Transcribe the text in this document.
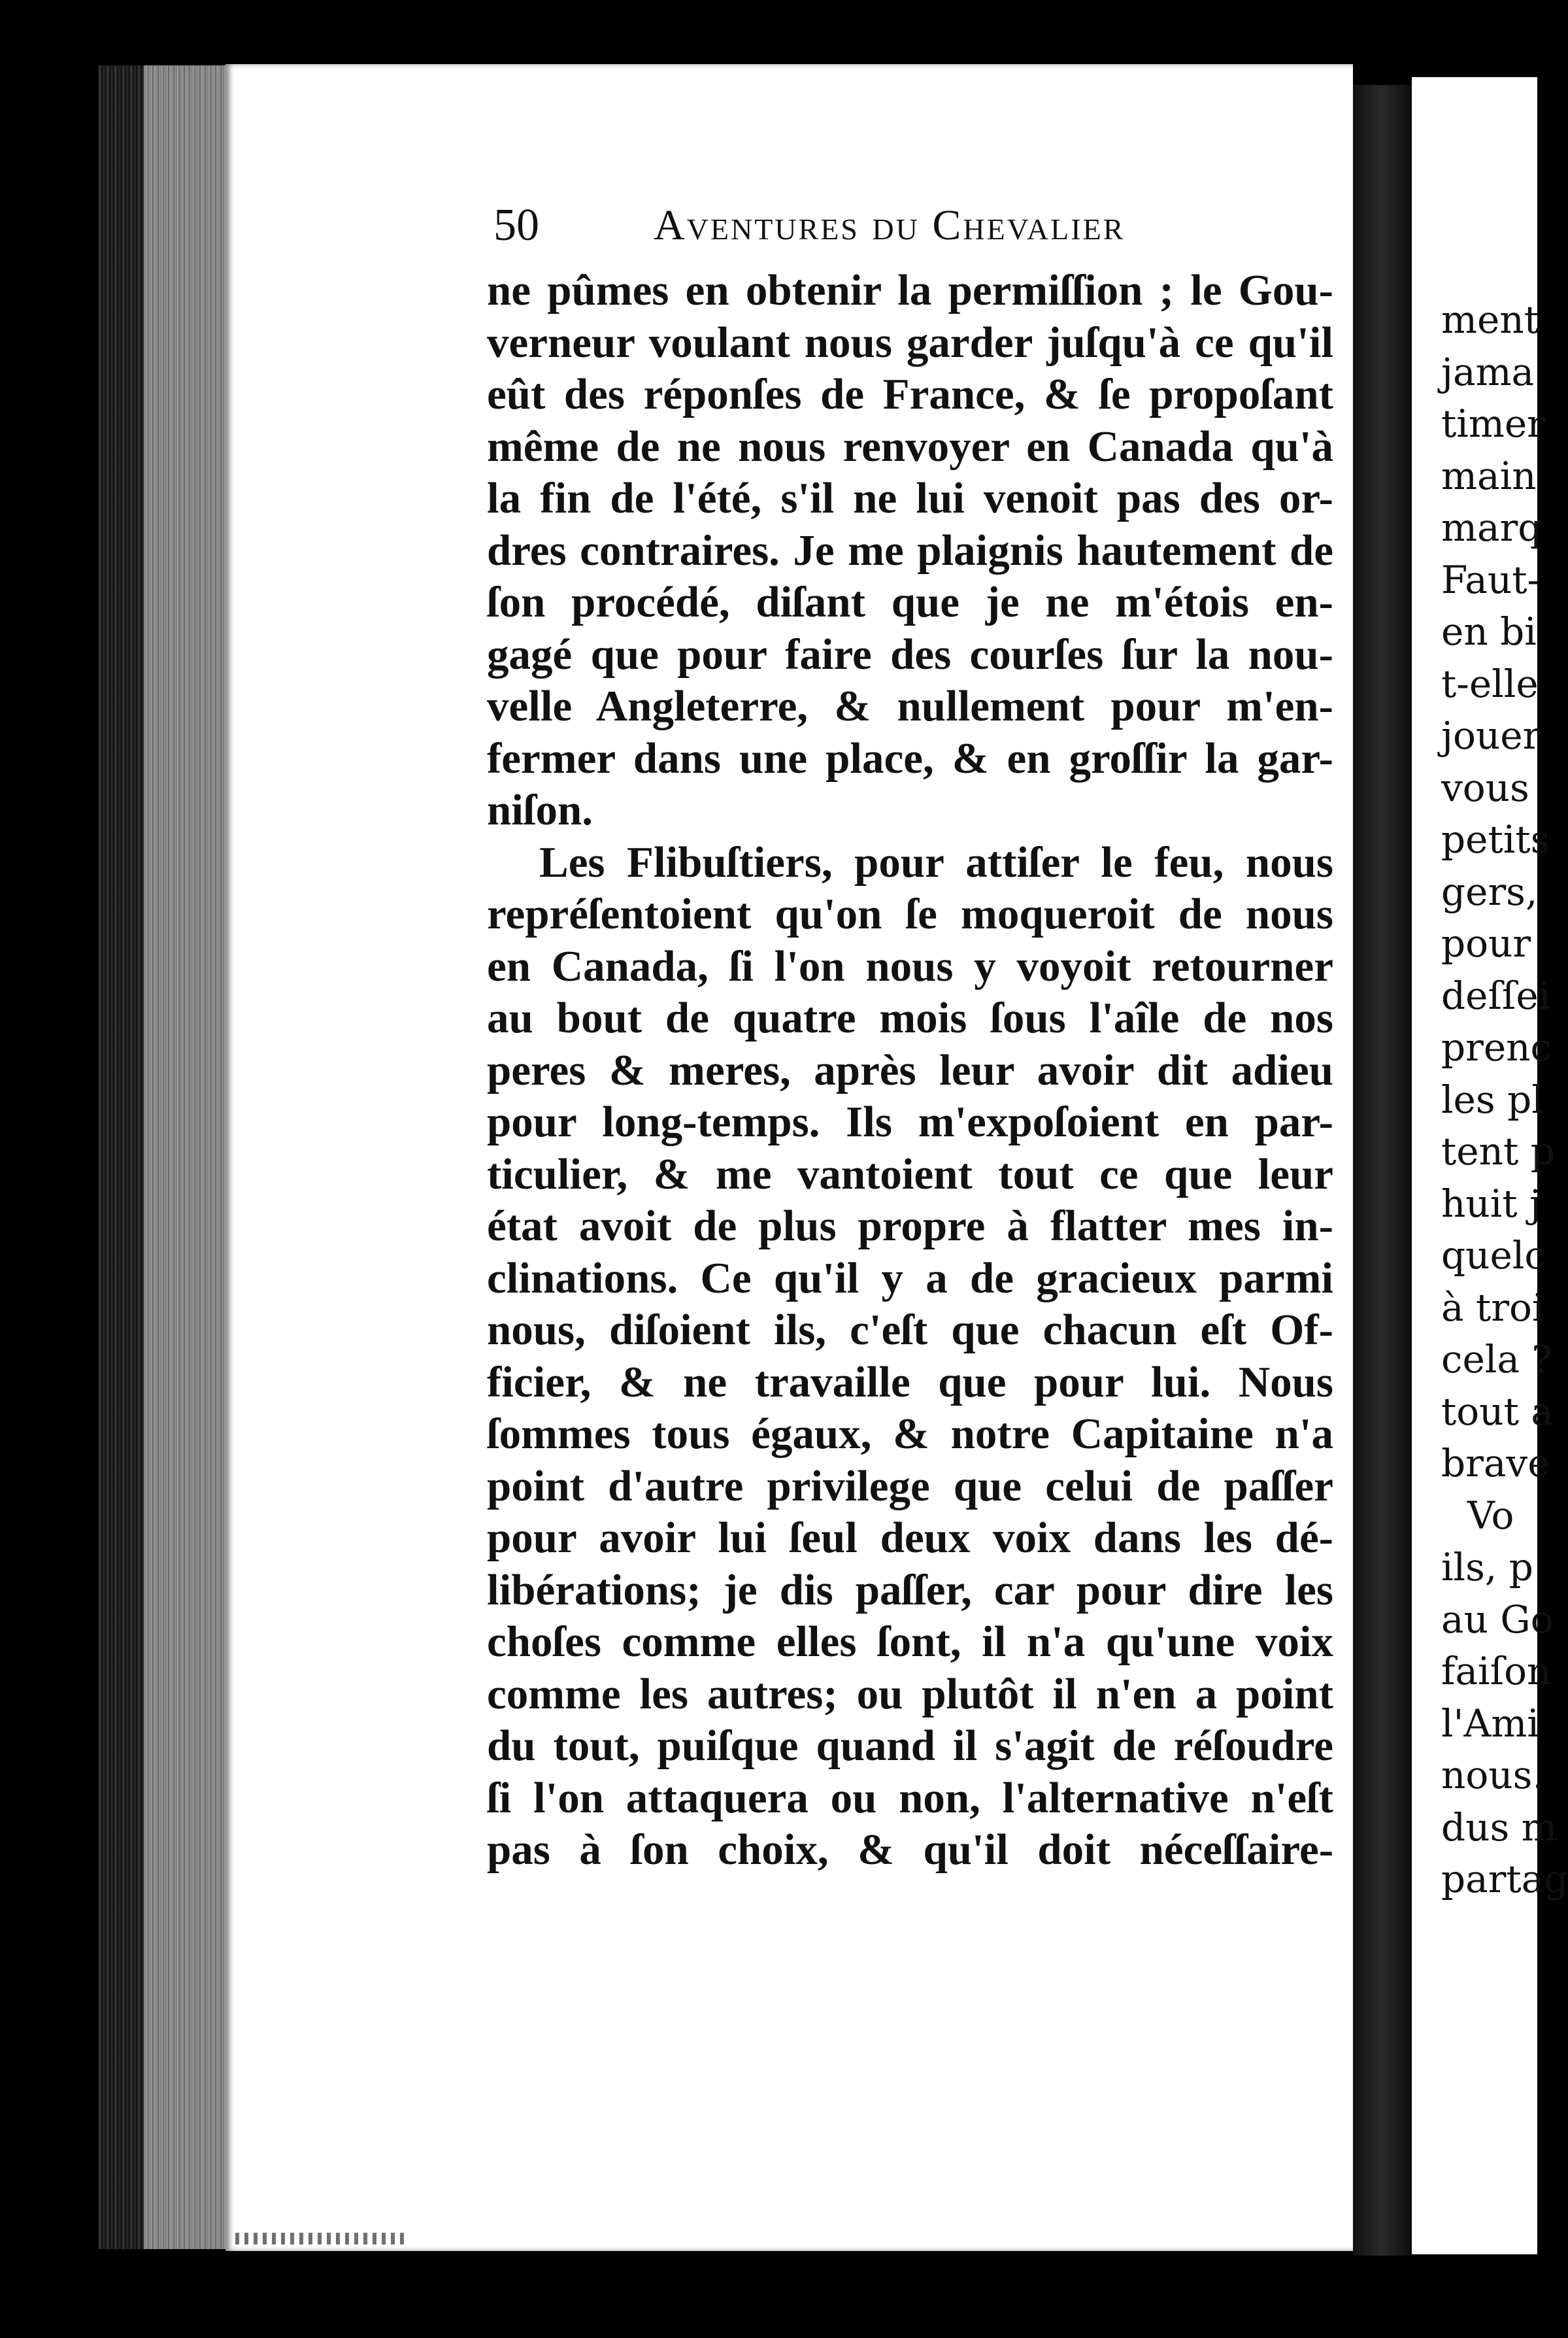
50	Aventures du Chevalier
ne pûmes en obtenir la permiſſion ; le Gou-
verneur voulant nous garder juſqu'à ce qu'il
eût des réponſes de France, & ſe propoſant
même de ne nous renvoyer en Canada qu'à
la fin de l'été, s'il ne lui venoit pas des or-
dres contraires. Je me plaignis hautement de
ſon procédé, diſant que je ne m'étois en-
gagé que pour faire des courſes ſur la nou-
velle Angleterre, & nullement pour m'en-
fermer dans une place, & en groſſir la gar-
niſon.
Les Flibuſtiers, pour attiſer le feu, nous
repréſentoient qu'on ſe moqueroit de nous
en Canada, ſi l'on nous y voyoit retourner
au bout de quatre mois ſous l'aîle de nos
peres & meres, après leur avoir dit adieu
pour long-temps. Ils m'expoſoient en par-
ticulier, & me vantoient tout ce que leur
état avoit de plus propre à flatter mes in-
clinations. Ce qu'il y a de gracieux parmi
nous, diſoient ils, c'eſt que chacun eſt Of-
ficier, & ne travaille que pour lui. Nous
ſommes tous égaux, & notre Capitaine n'a
point d'autre privilege que celui de paſſer
pour avoir lui ſeul deux voix dans les dé-
libérations; je dis paſſer, car pour dire les
choſes comme elles ſont, il n'a qu'une voix
comme les autres; ou plutôt il n'en a point
du tout, puiſque quand il s'agit de réſoudre
ſi l'on attaquera ou non, l'alternative n'eſt
pas à ſon choix, & qu'il doit néceſſaire-
ment
jama
timer
main
marq
Faut-
en bi
t-elle
jouer
vous
petits
gers,
pour
deſſei
prenc
les pl
tent p
huit j
quelc
à troi
cela ?
tout a
brave
Vo
ils, p
au Go
faiſon
l'Ami
nous.
dus m
partag
